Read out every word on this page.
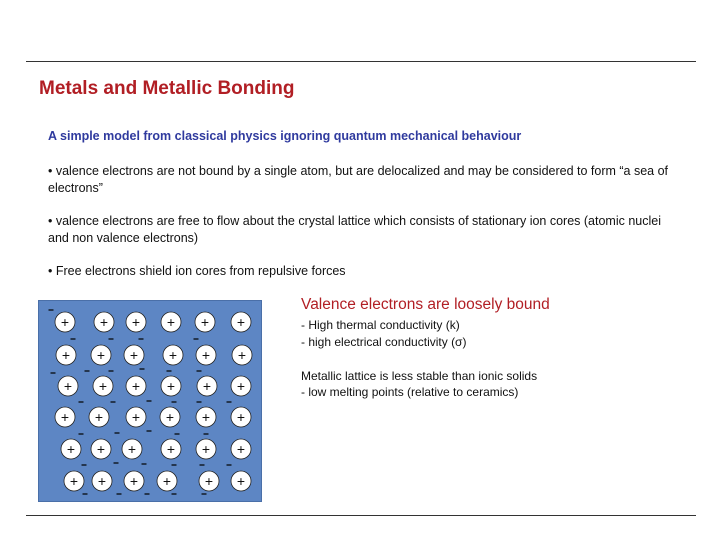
Metals and Metallic Bonding
A simple model from classical physics ignoring quantum mechanical behaviour
• valence electrons are not bound by a single atom, but are delocalized and may be considered to form “a sea of electrons”
• valence electrons are free to flow about the crystal lattice which consists of stationary ion cores (atomic nuclei and non valence electrons)
• Free electrons shield ion cores from repulsive forces
+ + + + + +
+ + + + + +
+ + + + + +
+ + + + + +
+ + + + + +
+ + + + + +
Valence electrons are loosely bound
- High thermal conductivity (k)
- high electrical conductivity (σ)
Metallic lattice is less stable than ionic solids
- low melting points (relative to ceramics)
